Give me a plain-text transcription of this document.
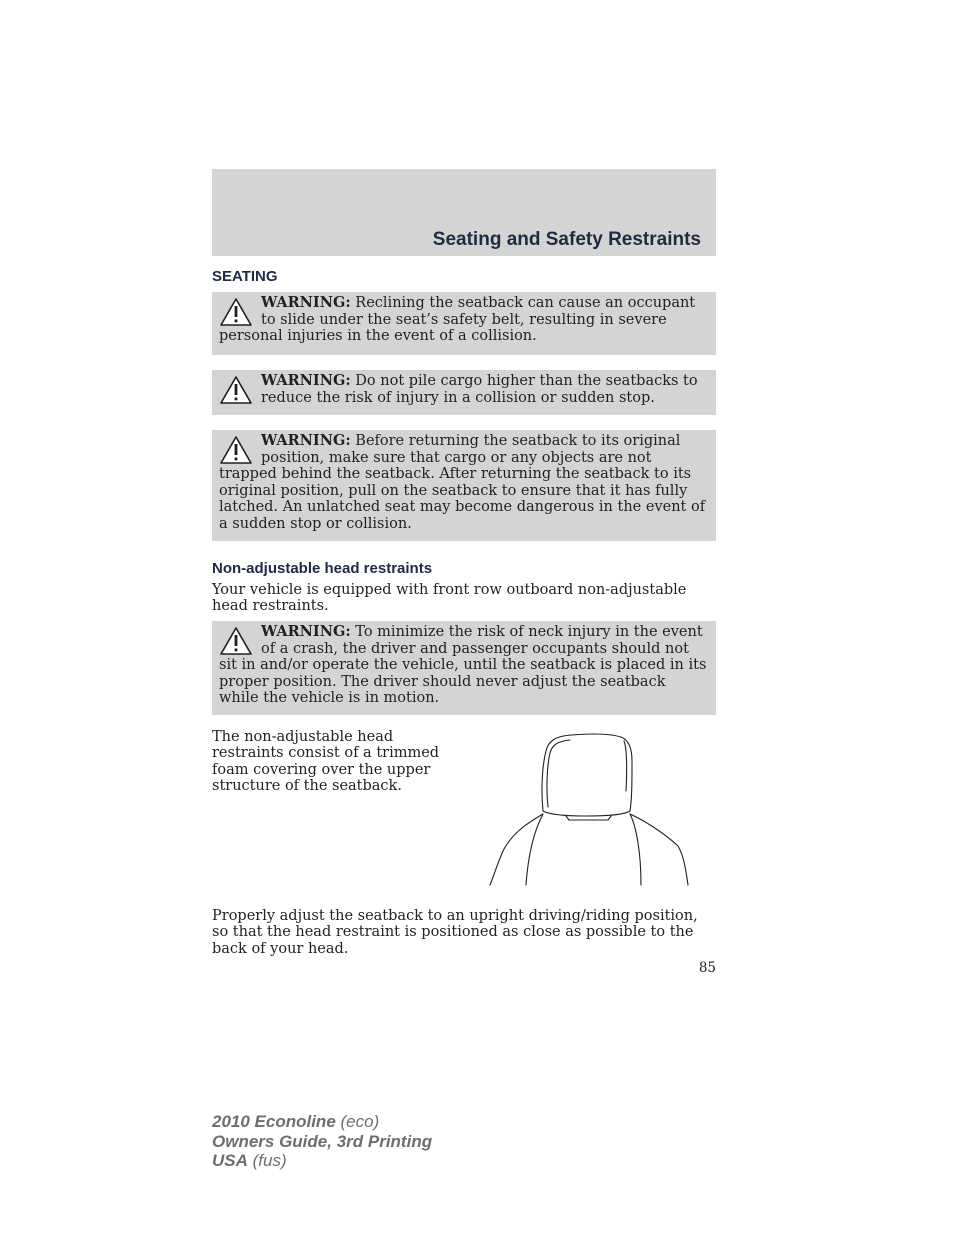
Seating and Safety Restraints
SEATING
WARNING: Reclining the seatback can cause an occupant to slide under the seat’s safety belt, resulting in severe personal injuries in the event of a collision.
WARNING: Do not pile cargo higher than the seatbacks to reduce the risk of injury in a collision or sudden stop.
WARNING: Before returning the seatback to its original position, make sure that cargo or any objects are not trapped behind the seatback. After returning the seatback to its original position, pull on the seatback to ensure that it has fully latched. An unlatched seat may become dangerous in the event of a sudden stop or collision.
Non-adjustable head restraints
Your vehicle is equipped with front row outboard non-adjustable head restraints.
WARNING: To minimize the risk of neck injury in the event of a crash, the driver and passenger occupants should not sit in and/or operate the vehicle, until the seatback is placed in its proper position. The driver should never adjust the seatback while the vehicle is in motion.
The non-adjustable head restraints consist of a trimmed foam covering over the upper structure of the seatback.
Properly adjust the seatback to an upright driving/riding position, so that the head restraint is positioned as close as possible to the back of your head.
85
2010 Econoline (eco)
Owners Guide, 3rd Printing
USA (fus)
